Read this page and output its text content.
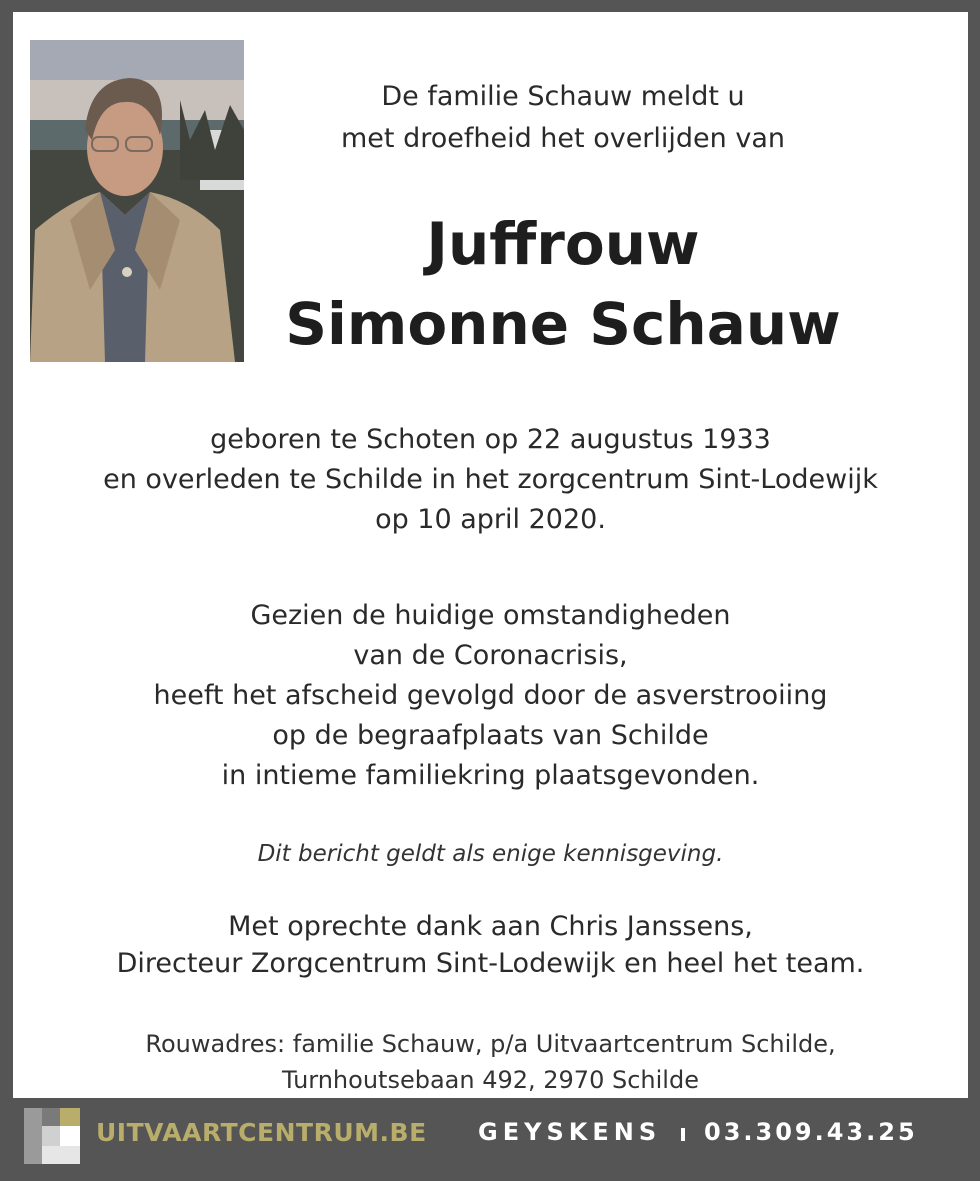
De familie Schauw meldt u
met droefheid het overlijden van
Juffrouw
Simonne Schauw
geboren te Schoten op 22 augustus 1933
en overleden te Schilde in het zorgcentrum Sint-Lodewijk
op 10 april 2020.
Gezien de huidige omstandigheden
van de Coronacrisis,
heeft het afscheid gevolgd door de asverstrooiing
op de begraafplaats van Schilde
in intieme familiekring plaatsgevonden.
Dit bericht geldt als enige kennisgeving.
Met oprechte dank aan Chris Janssens,
Directeur Zorgcentrum Sint-Lodewijk en heel het team.
Rouwadres: familie Schauw, p/a Uitvaartcentrum Schilde,
Turnhoutsebaan 492, 2970 Schilde
UITVAARTCENTRUM.BE GEYSKENS 03.309.43.25
